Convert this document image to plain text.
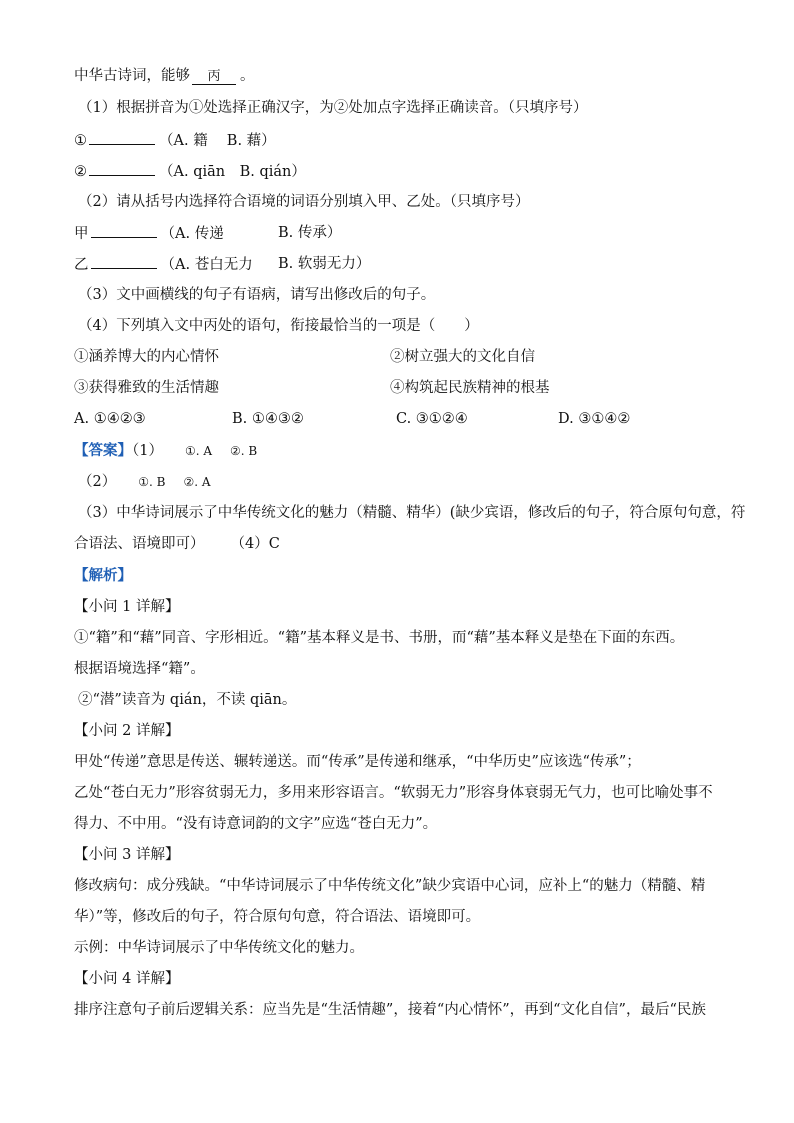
中华古诗词，能够 丙 。
（1）根据拼音为①处选择正确汉字，为②处加点字选择正确读音。（只填序号）
①	（A. 籍　 B. 藉）
②	（A. qiān　B. qián）
（2）请从括号内选择符合语境的词语分别填入甲、乙处。（只填序号）
甲	（A. 传递	B. 传承）
乙	（A. 苍白无力 B. 软弱无力）
（3）文中画横线的句子有语病，请写出修改后的句子。
（4）下列填入文中丙处的语句，衔接最恰当的一项是（　　）
①涵养博大的内心情怀	②树立强大的文化自信
③获得雅致的生活情趣	④构筑起民族精神的根基
A. ①④②③	B. ①④③②	C. ③①②④	D. ③①④②
【答案】（1） ①. A ②. B
（2） ①. B ②. A
（3）中华诗词展示了中华传统文化的魅力（精髓、精华）(缺少宾语，修改后的句子，符合原句句意，符
合语法、语境即可） （4）C
【解析】
【小问 1 详解】
①“籍”和“藉”同音、字形相近。“籍”基本释义是书、书册，而“藉”基本释义是垫在下面的东西。
根据语境选择“籍”。
②“潜”读音为 qián，不读 qiān。
【小问 2 详解】
甲处“传递”意思是传送、辗转递送。而“传承”是传递和继承，“中华历史”应该选“传承”；
乙处“苍白无力”形容贫弱无力，多用来形容语言。“软弱无力”形容身体衰弱无气力，也可比喻处事不
得力、不中用。“没有诗意词韵的文字”应选“苍白无力”。
【小问 3 详解】
修改病句：成分残缺。“中华诗词展示了中华传统文化”缺少宾语中心词，应补上“的魅力（精髓、精
华）”等，修改后的句子，符合原句句意，符合语法、语境即可。
示例：中华诗词展示了中华传统文化的魅力。
【小问 4 详解】
排序注意句子前后逻辑关系：应当先是“生活情趣”，接着“内心情怀”，再到“文化自信”，最后“民族
